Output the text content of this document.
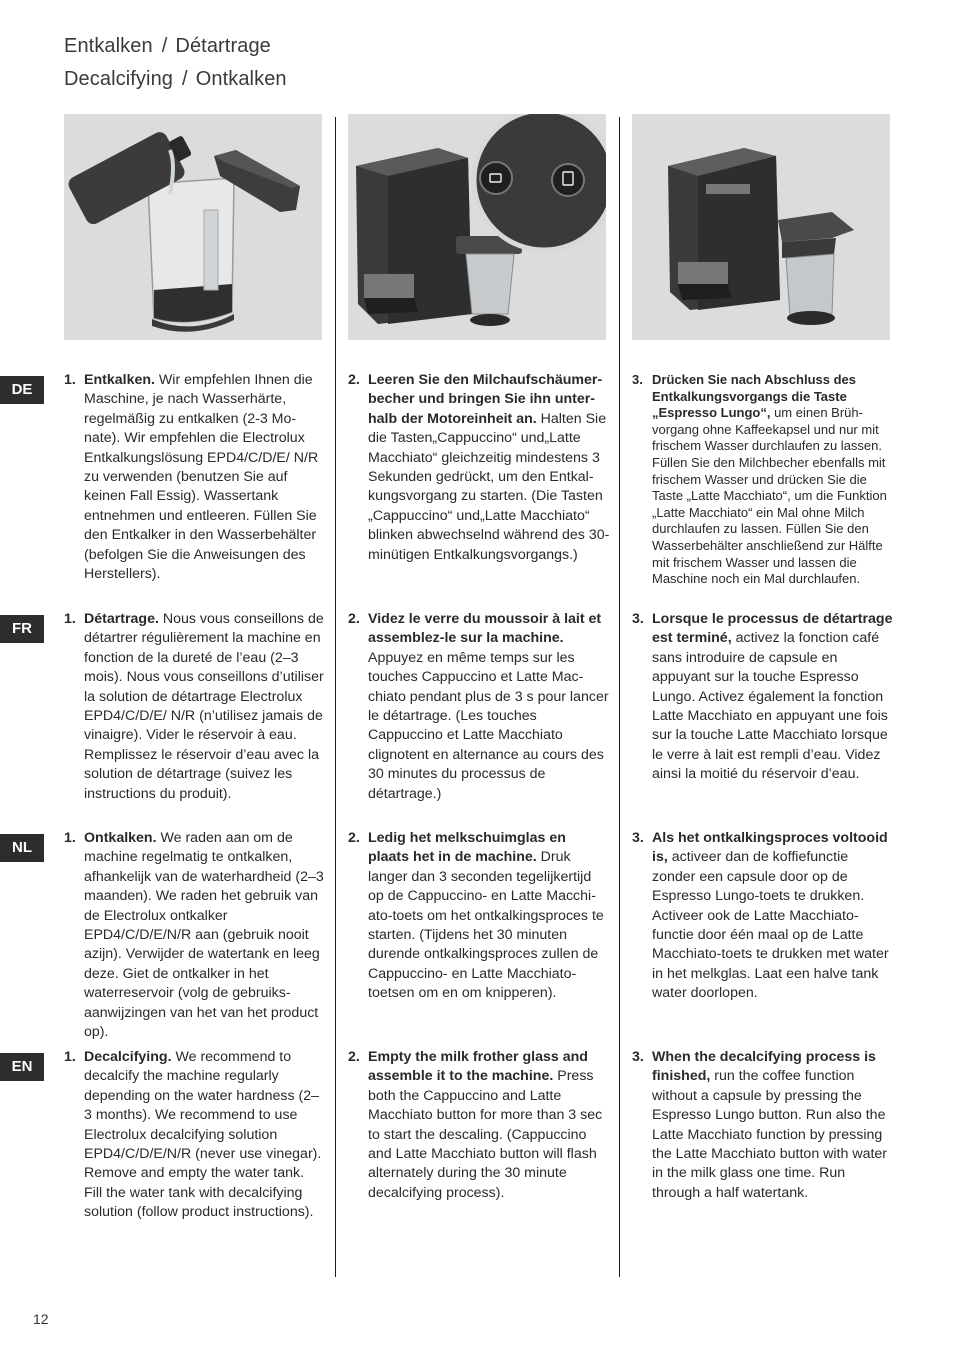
Entkalken / Détartrage
Decalcifying / Ontkalken
DE
FR
NL
EN
1. Entkalken. Wir empfehlen Ihnen die Maschine, je nach Wasserhärte, regelmäßig zu entkalken (2-3 Monate). Wir empfehlen die Electrolux Entkalkungslösung EPD4/C/D/E/ N/R zu verwenden (benutzen Sie auf keinen Fall Essig). Wassertank entnehmen und entleeren. Füllen Sie den Entkalker in den Wasserbehälter (befolgen Sie die Anweisungen des Herstellers).
2. Leeren Sie den Milchaufschäumerbecher und bringen Sie ihn unterhalb der Motoreinheit an. Halten Sie die Tasten„Cappuccino“ und„Latte Macchiato“ gleichzeitig mindestens 3 Sekunden gedrückt, um den Entkalkungsvorgang zu starten. (Die Tasten „Cappuccino“ und„Latte Macchiato“ blinken abwechselnd während des 30-minütigen Entkalkungsvorgangs.)
3. Drücken Sie nach Abschluss des Entkalkungsvorgangs die Taste „Espresso Lungo“, um einen Brühvorgang ohne Kaffeekapsel und nur mit frischem Wasser durchlaufen zu lassen. Füllen Sie den Milchbecher ebenfalls mit frischem Wasser und drücken Sie die Taste „Latte Macchiato“, um die Funktion „Latte Macchiato“ ein Mal ohne Milch durchlaufen zu lassen. Füllen Sie den Wasserbehälter anschließend zur Hälfte mit frischem Wasser und lassen die Maschine noch ein Mal durchlaufen.
1. Détartrage. Nous vous conseillons de détartrer régulièrement la machine en fonction de la dureté de l’eau (2–3 mois). Nous vous conseillons d’utiliser la solution de détartrage Electrolux EPD4/C/D/E/ N/R (n’utilisez jamais de vinaigre). Vider le réservoir à eau. Remplissez le réservoir d’eau avec la solution de détartrage (suivez les instructions du produit).
2. Videz le verre du moussoir à lait et assemblez-le sur la machine. Appuyez en même temps sur les touches Cappuccino et Latte Macchiato pendant plus de 3 s pour lancer le détartrage. (Les touches Cappuccino et Latte Macchiato clignotent en alternance au cours des 30 minutes du processus de détartrage.)
3. Lorsque le processus de détartrage est terminé, activez la fonction café sans introduire de capsule en appuyant sur la touche Espresso Lungo. Activez également la fonction Latte Macchiato en appuyant une fois sur la touche Latte Macchiato lorsque le verre à lait est rempli d’eau. Videz ainsi la moitié du réservoir d’eau.
1. Ontkalken. We raden aan om de machine regelmatig te ontkalken, afhankelijk van de waterhardheid (2–3 maanden). We raden het gebruik van de Electrolux ontkalker EPD4/C/D/E/N/R aan (gebruik nooit azijn). Verwijder de watertank en leeg deze. Giet de ontkalker in het waterreservoir (volg de gebruiksaanwijzingen van het van het product op).
2. Ledig het melkschuimglas en plaats het in de machine. Druk langer dan 3 seconden tegelijkertijd op de Cappuccino- en Latte Macchiato-toets om het ontkalkingsproces te starten. (Tijdens het 30 minuten durende ontkalkingsproces zullen de Cappuccino- en Latte Macchiato-toetsen om en om knipperen).
3. Als het ontkalkingsproces voltooid is, activeer dan de koffiefunctie zonder een capsule door op de Espresso Lungo-toets te drukken. Activeer ook de Latte Macchiato-functie door één maal op de Latte Macchiato-toets te drukken met water in het melkglas. Laat een halve tank water doorlopen.
1. Decalcifying. We recommend to decalcify the machine regularly depending on the water hardness (2–3 months). We recommend to use Electrolux decalcifying solution EPD4/C/D/E/N/R (never use vinegar). Remove and empty the water tank. Fill the water tank with decalcifying solution (follow product instructions).
2. Empty the milk frother glass and assemble it to the machine. Press both the Cappuccino and Latte Macchiato button for more than 3 sec to start the descaling. (Cappuccino and Latte Macchiato button will flash alternately during the 30 minute decalcifying process).
3. When the decalcifying process is finished, run the coffee function without a capsule by pressing the Espresso Lungo button. Run also the Latte Macchiato function by pressing the Latte Macchiato button with water in the milk glass one time. Run through a half watertank.
12
